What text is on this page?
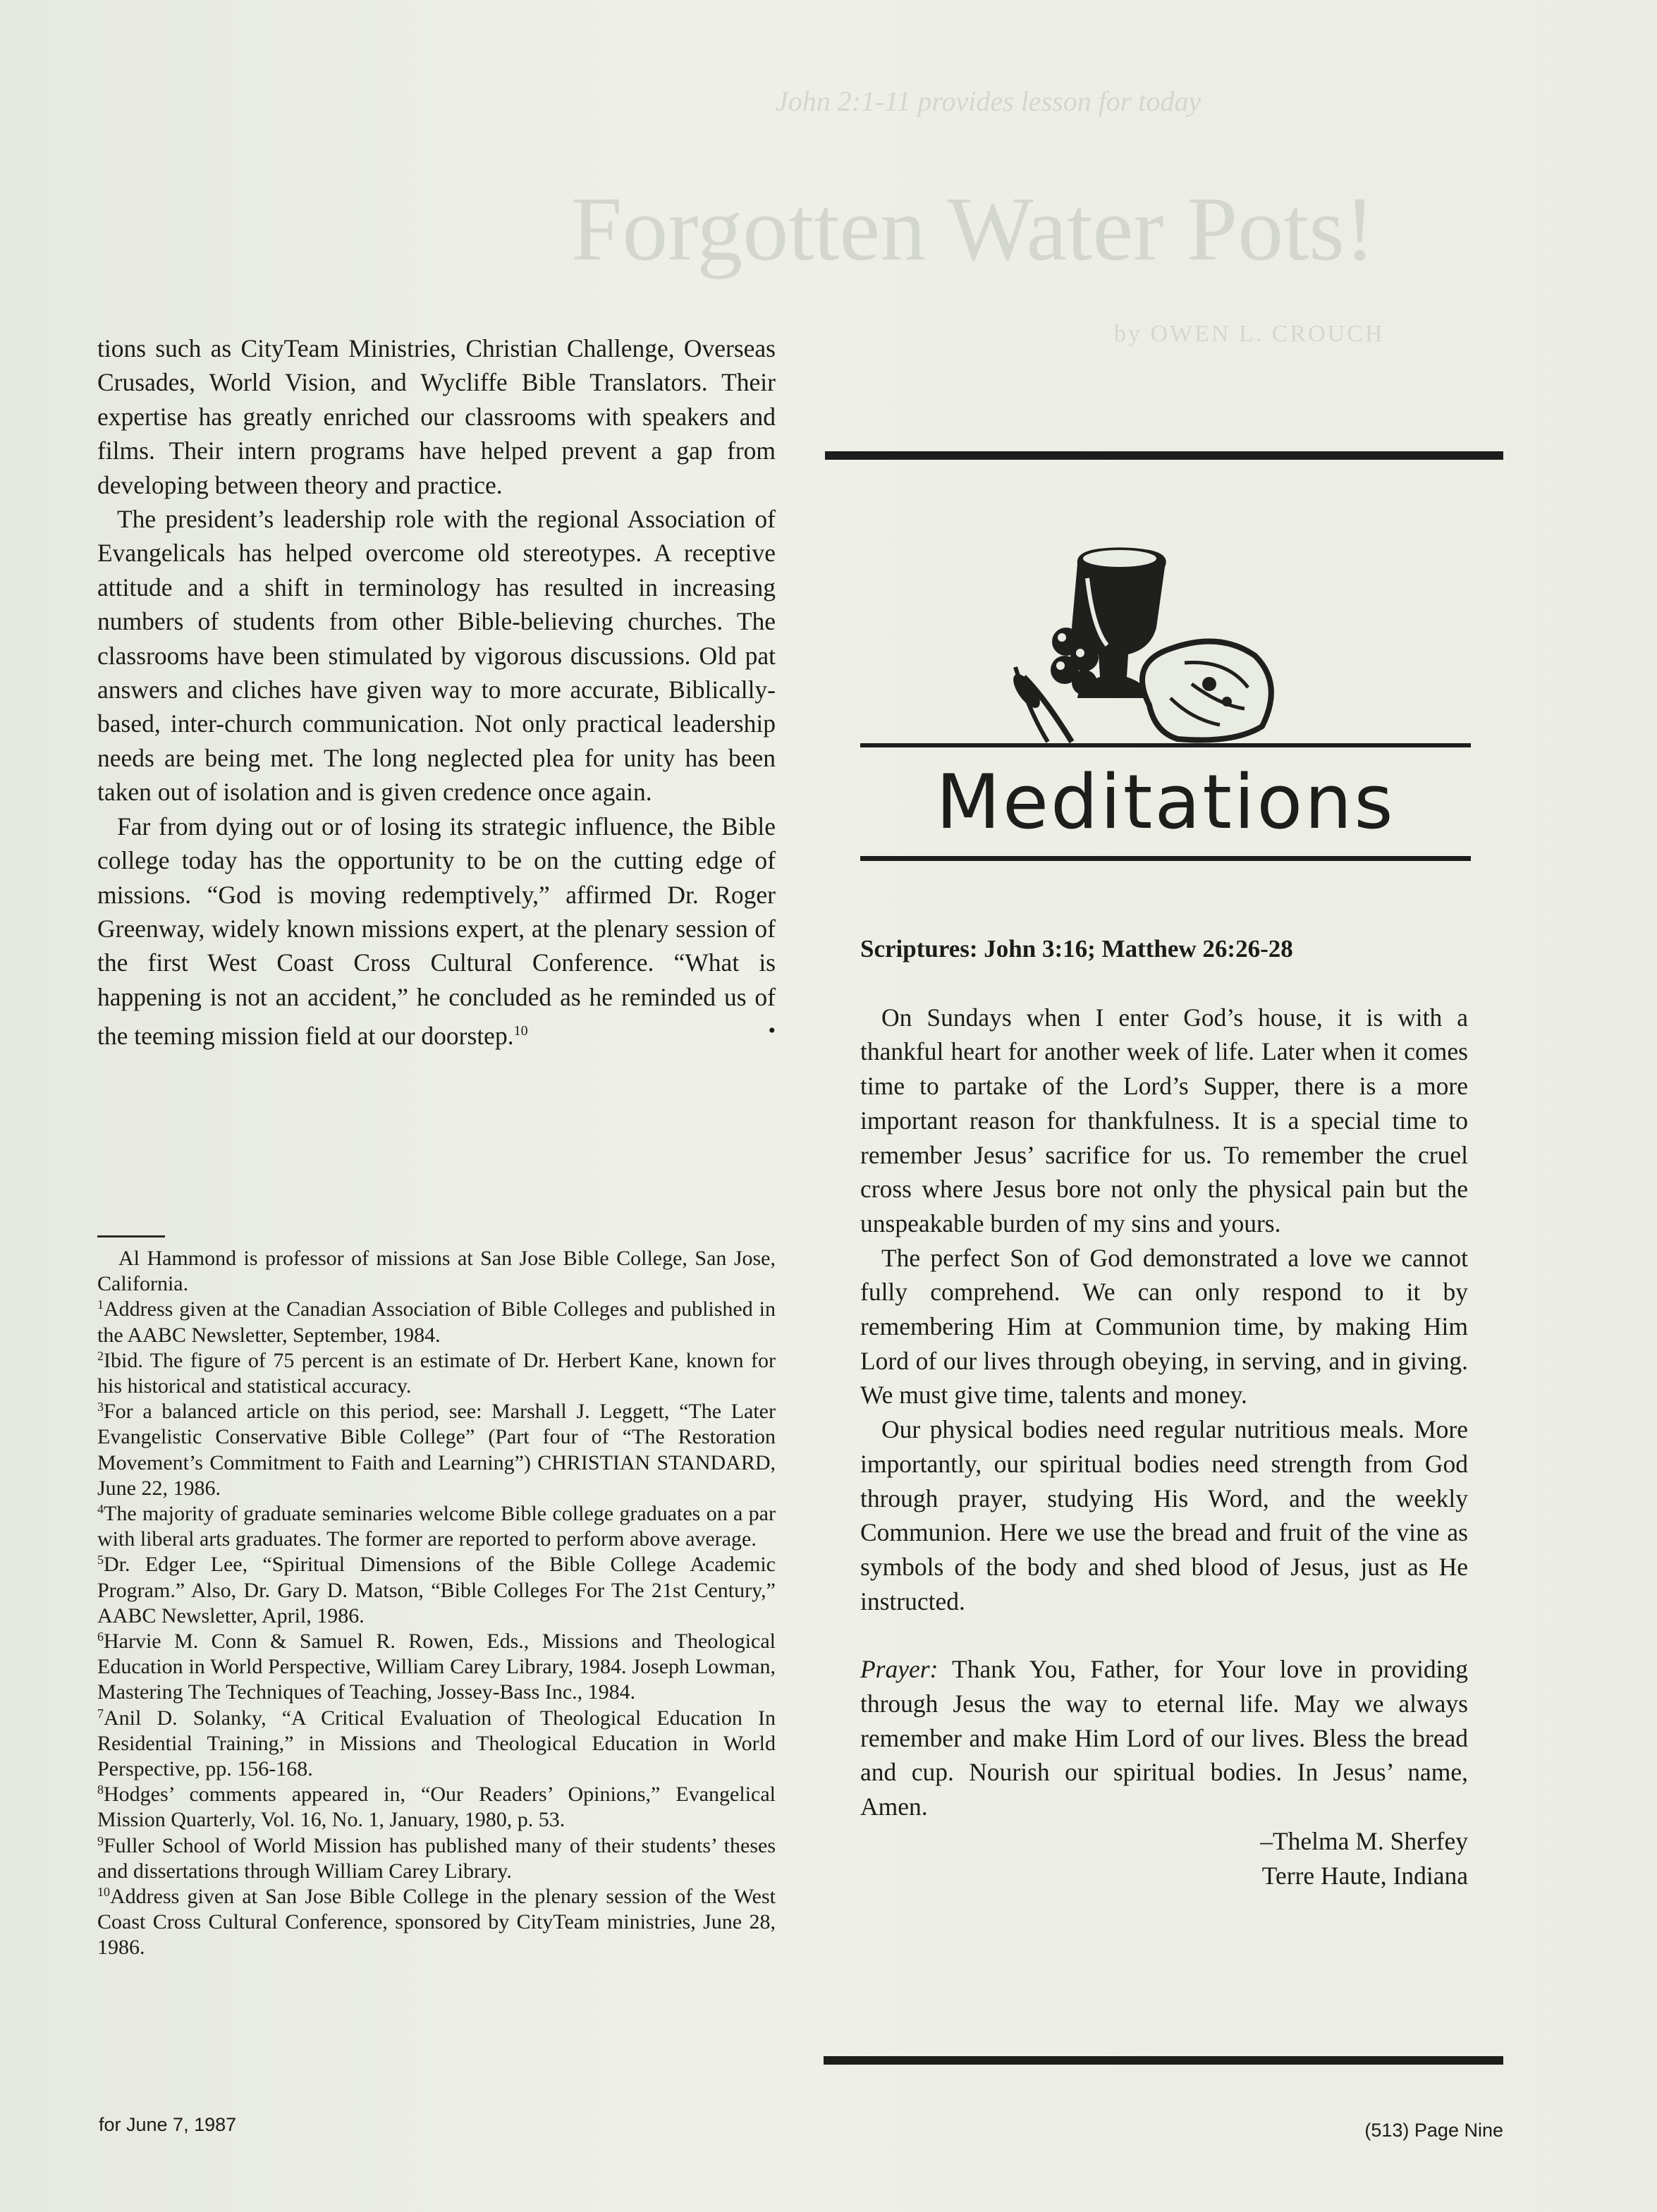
John 2:1-11 provides lesson for today
Forgotten Water Pots!
by OWEN L. CROUCH

tions such as CityTeam Ministries, Christian Challenge, Overseas Crusades, World Vision, and Wycliffe Bible Translators. Their expertise has greatly enriched our classrooms with speakers and films. Their intern programs have helped prevent a gap from developing between theory and practice.

The president’s leadership role with the regional Association of Evangelicals has helped overcome old stereotypes. A receptive attitude and a shift in terminology has resulted in increasing numbers of students from other Bible-believing churches. The classrooms have been stimulated by vigorous discussions. Old pat answers and cliches have given way to more accurate, Biblically-based, inter-church communication. Not only practical leadership needs are being met. The long neglected plea for unity has been taken out of isolation and is given credence once again.

Far from dying out or of losing its strategic influence, the Bible college today has the opportunity to be on the cutting edge of missions. “God is moving redemptively,” affirmed Dr. Roger Greenway, widely known missions expert, at the plenary session of the first West Coast Cross Cultural Conference. “What is happening is not an accident,” he concluded as he reminded us of the teeming mission field at our doorstep.$^{10}$	•

Al Hammond is professor of missions at San Jose Bible College, San Jose, California.

$^1$Address given at the Canadian Association of Bible Colleges and published in the AABC Newsletter, September, 1984.

$^2$Ibid. The figure of 75 percent is an estimate of Dr. Herbert Kane, known for his historical and statistical accuracy.

$^3$For a balanced article on this period, see: Marshall J. Leggett, “The Later Evangelistic Conservative Bible College” (Part four of “The Restoration Movement’s Commitment to Faith and Learning”) CHRISTIAN STANDARD, June 22, 1986.

$^4$The majority of graduate seminaries welcome Bible college graduates on a par with liberal arts graduates. The former are reported to perform above average.

$^5$Dr. Edger Lee, “Spiritual Dimensions of the Bible College Academic Program.” Also, Dr. Gary D. Matson, “Bible Colleges For The 21st Century,” AABC Newsletter, April, 1986.

$^6$Harvie M. Conn & Samuel R. Rowen, Eds., Missions and Theological Education in World Perspective, William Carey Library, 1984. Joseph Lowman, Mastering The Techniques of Teaching, Jossey-Bass Inc., 1984.

$^7$Anil D. Solanky, “A Critical Evaluation of Theological Education In Residential Training,” in Missions and Theological Education in World Perspective, pp. 156-168.

$^8$Hodges’ comments appeared in, “Our Readers’ Opinions,” Evangelical Mission Quarterly, Vol. 16, No. 1, January, 1980, p. 53.

$^9$Fuller School of World Mission has published many of their students’ theses and dissertations through William Carey Library.

$^{10}$Address given at San Jose Bible College in the plenary session of the West Coast Cross Cultural Conference, sponsored by CityTeam ministries, June 28, 1986.

Meditations
Scriptures: John 3:16; Matthew 26:26-28

On Sundays when I enter God’s house, it is with a thankful heart for another week of life. Later when it comes time to partake of the Lord’s Supper, there is a more important reason for thankfulness. It is a special time to remember Jesus’ sacrifice for us. To remember the cruel cross where Jesus bore not only the physical pain but the unspeakable burden of my sins and yours.

The perfect Son of God demonstrated a love we cannot fully comprehend. We can only respond to it by remembering Him at Communion time, by making Him Lord of our lives through obeying, in serving, and in giving. We must give time, talents and money.

Our physical bodies need regular nutritious meals. More importantly, our spiritual bodies need strength from God through prayer, studying His Word, and the weekly Communion. Here we use the bread and fruit of the vine as symbols of the body and shed blood of Jesus, just as He instructed.

Prayer: Thank You, Father, for Your love in providing through Jesus the way to eternal life. May we always remember and make Him Lord of our lives. Bless the bread and cup. Nourish our spiritual bodies. In Jesus’ name, Amen.

–Thelma M. Sherfey
Terre Haute, Indiana
for June 7, 1987	(513) Page Nine
